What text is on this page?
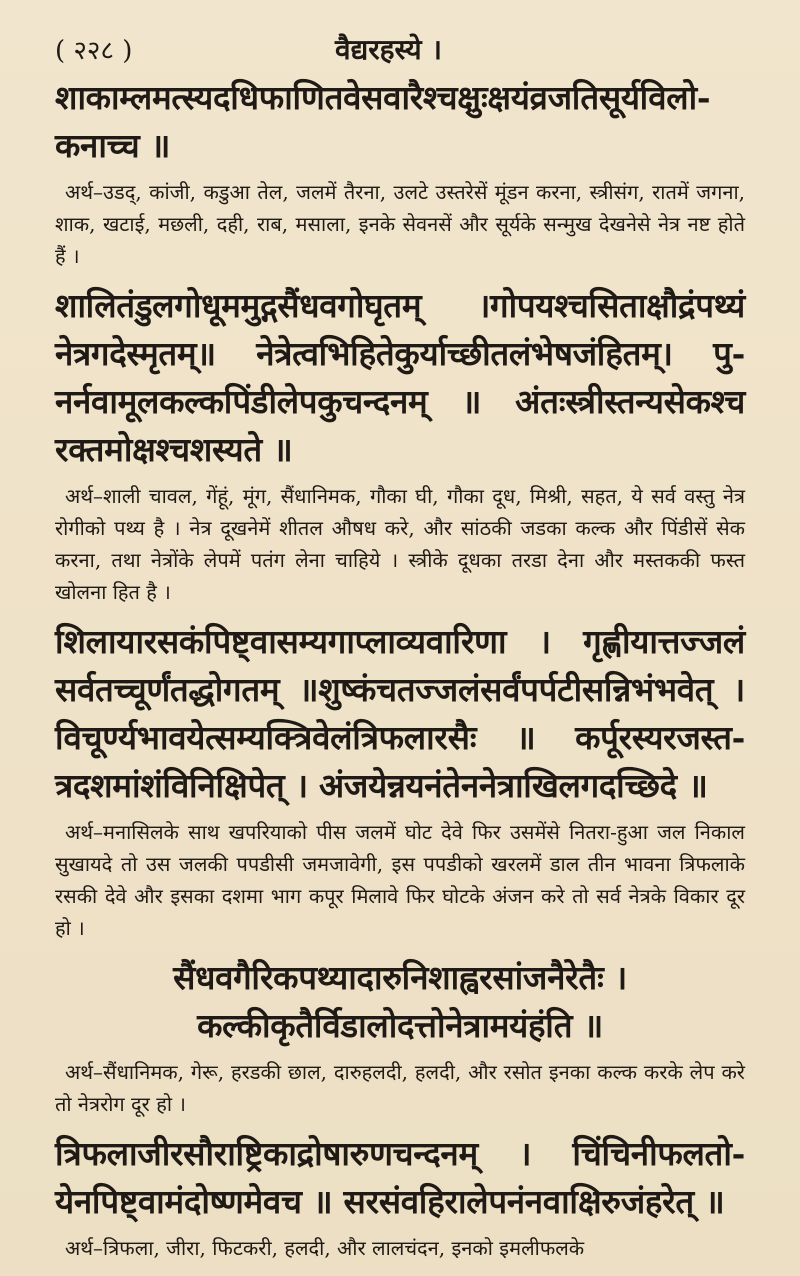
( २२८ )	वैद्यरहस्ये ।
शाकाम्लमत्स्यदधिफाणितवेसवारैश्चक्षुःक्षयंव्रजतिसूर्यविलो-कनाच्च ॥
अर्थ–उडद्, कांजी, कडुआ तेल, जलमें तैरना, उलटे उस्तरेसें मूंडन करना, स्त्रीसंग, रातमें जगना, शाक, खटाई, मछली, दही, राब, मसाला, इनके सेवनसें और सूर्यके सन्मुख देखनेसे नेत्र नष्ट होते हैं ।
शालितंडुलगोधूममुद्गसैंधवगोघृतम् ।गोपयश्चसिताक्षौद्रंपथ्यं नेत्रगदेस्मृतम्॥ नेत्रेत्वभिहितेकुर्याच्छीतलंभेषजंहितम्। पु-नर्नवामूलकल्कपिंडीलेपकुचन्दनम् ॥ अंतःस्त्रीस्तन्यसेकश्च रक्तमोक्षश्चशस्यते ॥
अर्थ–शाली चावल, गेंहूं, मूंग, सैंधानिमक, गौका घी, गौका दूध, मिश्री, सहत, ये सर्व वस्तु नेत्र रोगीको पथ्य है । नेत्र दूखनेमें शीतल औषध करे, और सांठकी जडका कल्क और पिंडीसें सेक करना, तथा नेत्रोंके लेपमें पतंग लेना चाहिये । स्त्रीके दूधका तरडा देना और मस्तककी फस्त खोलना हित है ।
शिलायारसकंपिष्ट्वासम्यगाप्लाव्यवारिणा । गृह्णीयात्तज्जलं सर्वतच्चूर्णंतद्धोगतम् ॥शुष्कंचतज्जलंसर्वंपर्पटीसन्निभंभवेत् । विचूर्ण्यभावयेत्सम्यक्त्रिवेलंत्रिफलारसैः ॥ कर्पूरस्यरजस्त-त्रदशमांशंविनिक्षिपेत् । अंजयेन्नयनंतेननेत्राखिलगदच्छिदे ॥
अर्थ–मनासिलके साथ खपरियाको पीस जलमें घोट देवे फिर उसमेंसे नितरा-हुआ जल निकाल सुखायदे तो उस जलकी पपडीसी जमजावेगी, इस पपडीको खरलमें डाल तीन भावना त्रिफलाके रसकी देवे और इसका दशमा भाग कपूर मिलावे फिर घोटके अंजन करे तो सर्व नेत्रके विकार दूर हो ।
सैंधवगैरिकपथ्यादारुनिशाह्वरसांजनैरेतैः । कल्कीकृतैर्विडालोदत्तोनेत्रामयंहंति ॥
अर्थ–सैंधानिमक, गेरू, हरडकी छाल, दारुहलदी, हलदी, और रसोत इनका कल्क करके लेप करे तो नेत्ररोग दूर हो ।
त्रिफलाजीरसौराष्ट्रिकाद्रोषारुणचन्दनम् । चिंचिनीफलतो-येनपिष्ट्वामंदोष्णमेवच ॥ सरसंवहिरालेपनंनवाक्षिरुजंहरेत् ॥
अर्थ–त्रिफला, जीरा, फिटकरी, हलदी, और लालचंदन, इनको इमलीफलके
